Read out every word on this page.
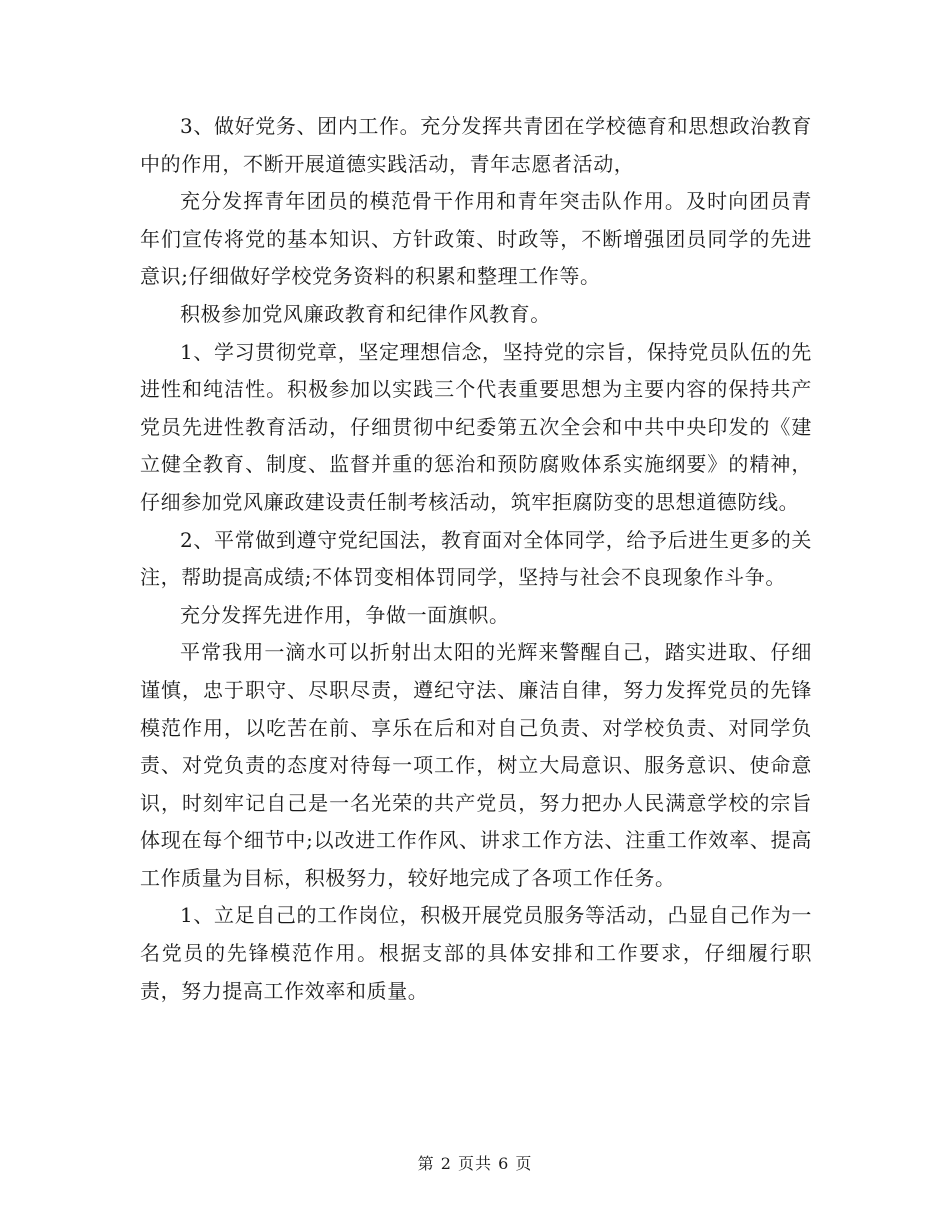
3、做好党务、团内工作。充分发挥共青团在学校德育和思想政治教育中的作用，不断开展道德实践活动，青年志愿者活动，

充分发挥青年团员的模范骨干作用和青年突击队作用。及时向团员青年们宣传将党的基本知识、方针政策、时政等，不断增强团员同学的先进意识;仔细做好学校党务资料的积累和整理工作等。

积极参加党风廉政教育和纪律作风教育。

1、学习贯彻党章，坚定理想信念，坚持党的宗旨，保持党员队伍的先进性和纯洁性。积极参加以实践三个代表重要思想为主要内容的保持共产党员先进性教育活动，仔细贯彻中纪委第五次全会和中共中央印发的《建立健全教育、制度、监督并重的惩治和预防腐败体系实施纲要》的精神，仔细参加党风廉政建设责任制考核活动，筑牢拒腐防变的思想道德防线。

2、平常做到遵守党纪国法，教育面对全体同学，给予后进生更多的关注，帮助提高成绩;不体罚变相体罚同学，坚持与社会不良现象作斗争。

充分发挥先进作用，争做一面旗帜。

平常我用一滴水可以折射出太阳的光辉来警醒自己，踏实进取、仔细谨慎，忠于职守、尽职尽责，遵纪守法、廉洁自律，努力发挥党员的先锋模范作用，以吃苦在前、享乐在后和对自己负责、对学校负责、对同学负责、对党负责的态度对待每一项工作，树立大局意识、服务意识、使命意识，时刻牢记自己是一名光荣的共产党员，努力把办人民满意学校的宗旨体现在每个细节中;以改进工作作风、讲求工作方法、注重工作效率、提高工作质量为目标，积极努力，较好地完成了各项工作任务。

1、立足自己的工作岗位，积极开展党员服务等活动，凸显自己作为一名党员的先锋模范作用。根据支部的具体安排和工作要求，仔细履行职责，努力提高工作效率和质量。

第 2 页共 6 页
